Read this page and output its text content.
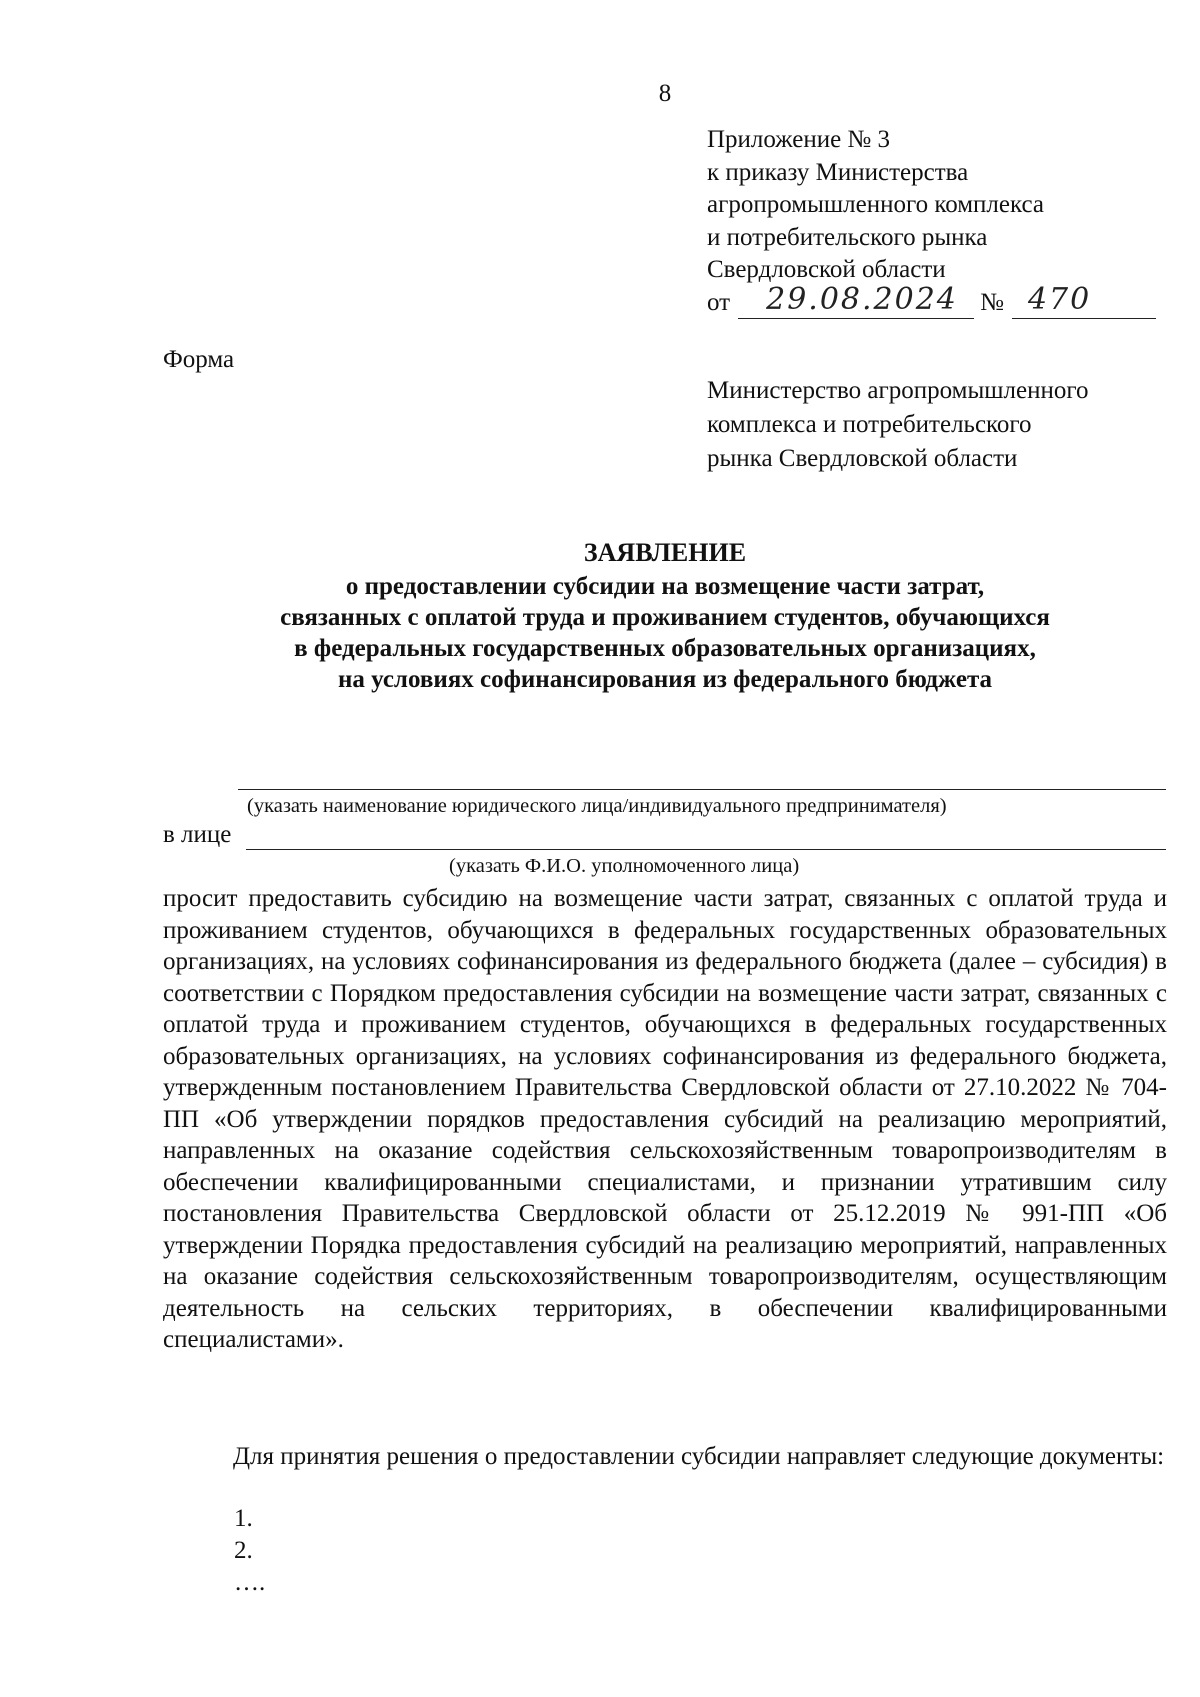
8
Приложение № 3
к приказу Министерства
агропромышленного комплекса
и потребительского рынка
Свердловской области
от 29.08.2024 № 470
Форма
Министерство агропромышленного
комплекса и потребительского
рынка Свердловской области
ЗАЯВЛЕНИЕ
о предоставлении субсидии на возмещение части затрат,
связанных с оплатой труда и проживанием студентов, обучающихся
в федеральных государственных образовательных организациях,
на условиях софинансирования из федерального бюджета
(указать наименование юридического лица/индивидуального предпринимателя)
в лице
(указать Ф.И.О. уполномоченного лица)
просит предоставить субсидию на возмещение части затрат, связанных с оплатой труда и проживанием студентов, обучающихся в федеральных государственных образовательных организациях, на условиях софинансирования из федерального бюджета (далее – субсидия) в соответствии с Порядком предоставления субсидии на возмещение части затрат, связанных с оплатой труда и проживанием студентов, обучающихся в федеральных государственных образовательных организациях, на условиях софинансирования из федерального бюджета, утвержденным постановлением Правительства Свердловской области от 27.10.2022 № 704-ПП «Об утверждении порядков предоставления субсидий на реализацию мероприятий, направленных на оказание содействия сельскохозяйственным товаропроизводителям в обеспечении квалифицированными специалистами, и признании утратившим силу постановления Правительства Свердловской области от 25.12.2019 № 991-ПП «Об утверждении Порядка предоставления субсидий на реализацию мероприятий, направленных на оказание содействия сельскохозяйственным товаропроизводителям, осуществляющим деятельность на сельских территориях, в обеспечении квалифицированными специалистами».
Для принятия решения о предоставлении субсидии направляет следующие документы:
1.
2.
….
